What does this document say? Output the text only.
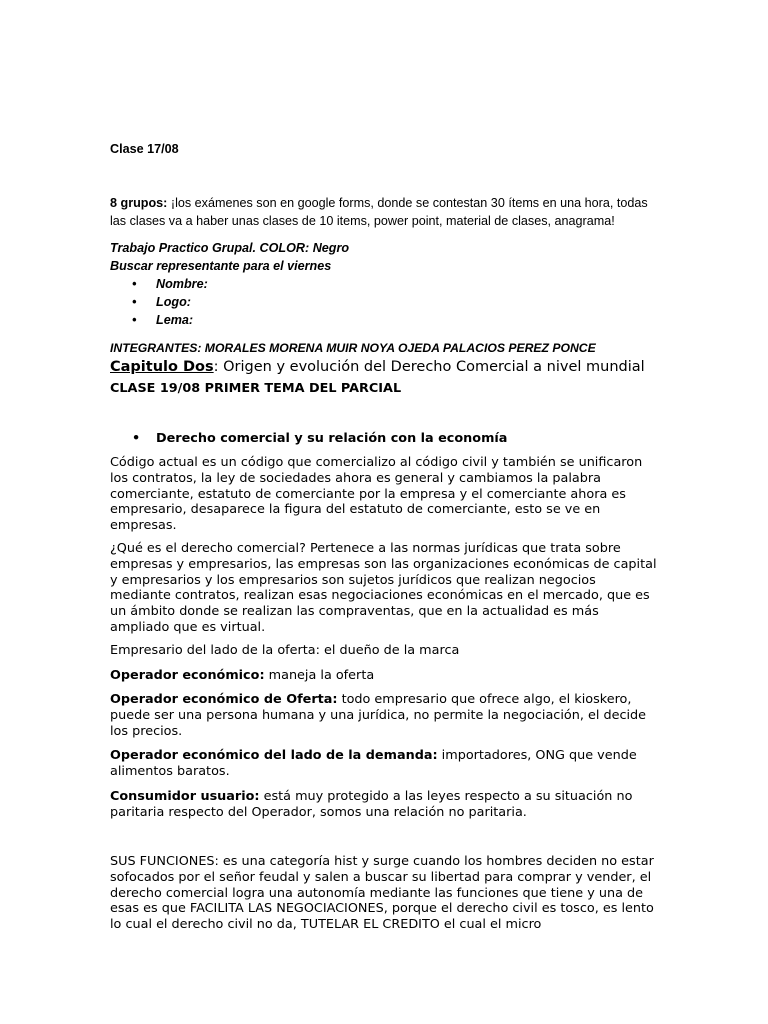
Clase 17/08

8 grupos: ¡los exámenes son en google forms, donde se contestan 30 ítems en una hora, todas las clases va a haber unas clases de 10 items, power point, material de clases, anagrama!

Trabajo Practico Grupal. COLOR: Negro
Buscar representante para el viernes
• Nombre:
• Logo:
• Lema:

INTEGRANTES: MORALES MORENA MUIR NOYA OJEDA PALACIOS PEREZ PONCE Capitulo Dos: Origen y evolución del Derecho Comercial a nivel mundial

CLASE 19/08 PRIMER TEMA DEL PARCIAL
• Derecho comercial y su relación con la economía

Código actual es un código que comercializo al código civil y también se unificaron los contratos, la ley de sociedades ahora es general y cambiamos la palabra comerciante, estatuto de comerciante por la empresa y el comerciante ahora es empresario, desaparece la figura del estatuto de comerciante, esto se ve en empresas.

¿Qué es el derecho comercial? Pertenece a las normas jurídicas que trata sobre empresas y empresarios, las empresas son las organizaciones económicas de capital y empresarios y los empresarios son sujetos jurídicos que realizan negocios mediante contratos, realizan esas negociaciones económicas en el mercado, que es un ámbito donde se realizan las compraventas, que en la actualidad es más ampliado que es virtual.

Empresario del lado de la oferta: el dueño de la marca

Operador económico: maneja la oferta

Operador económico de Oferta: todo empresario que ofrece algo, el kioskero, puede ser una persona humana y una jurídica, no permite la negociación, el decide los precios.

Operador económico del lado de la demanda: importadores, ONG que vende alimentos baratos.

Consumidor usuario: está muy protegido a las leyes respecto a su situación no paritaria respecto del Operador, somos una relación no paritaria.

SUS FUNCIONES: es una categoría hist y surge cuando los hombres deciden no estar sofocados por el señor feudal y salen a buscar su libertad para comprar y vender, el derecho comercial logra una autonomía mediante las funciones que tiene y una de esas es que FACILITA LAS NEGOCIACIONES, porque el derecho civil es tosco, es lento lo cual el derecho civil no da, TUTELAR EL CREDITO el cual el micro
